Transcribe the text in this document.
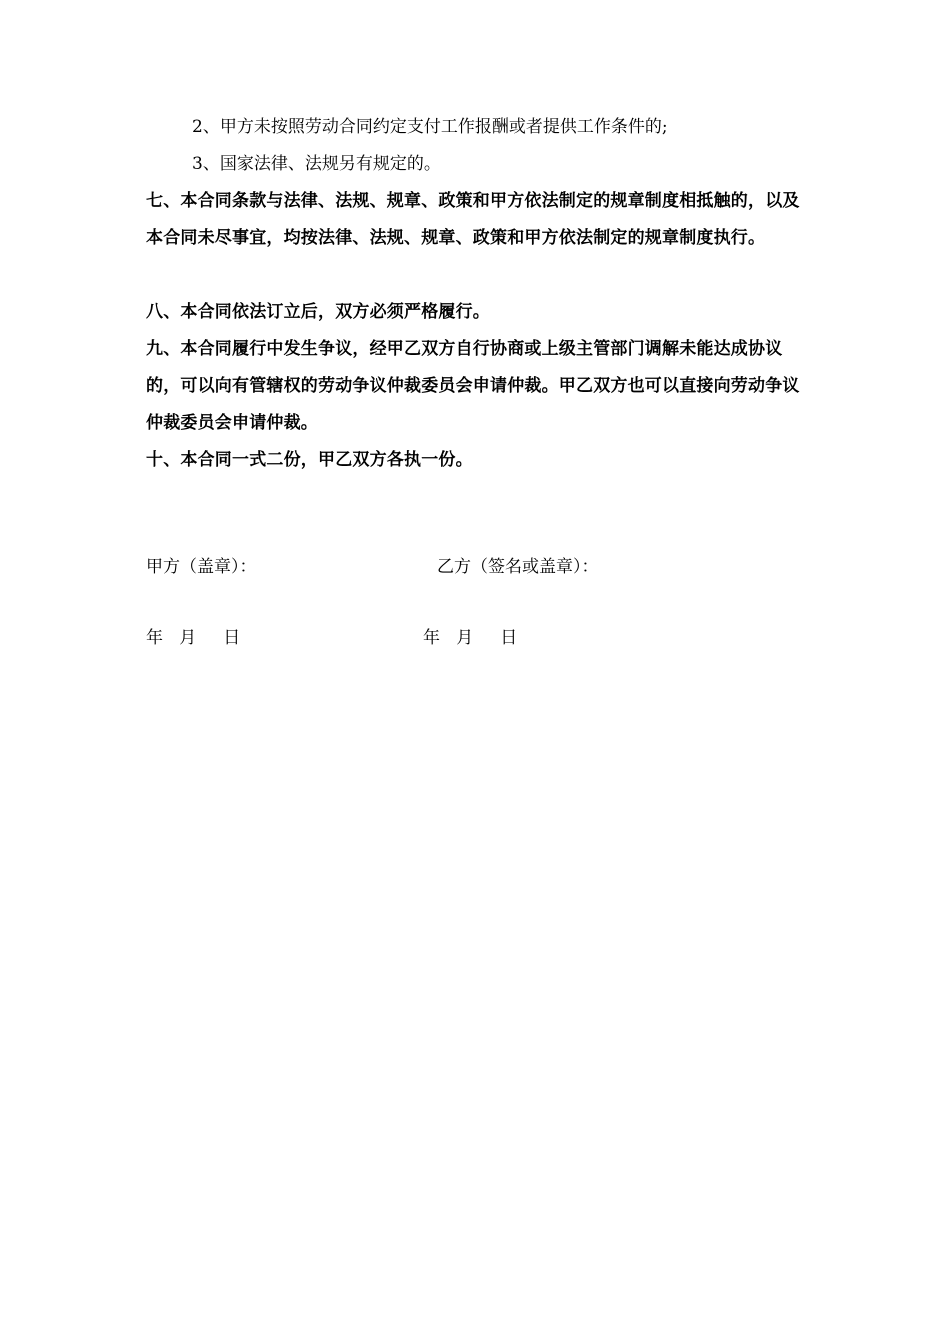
2、甲方未按照劳动合同约定支付工作报酬或者提供工作条件的;

3、国家法律、法规另有规定的。

七、本合同条款与法律、法规、规章、政策和甲方依法制定的规章制度相抵触的，以及本合同未尽事宜，均按法律、法规、规章、政策和甲方依法制定的规章制度执行。

八、本合同依法订立后，双方必须严格履行。

九、本合同履行中发生争议，经甲乙双方自行协商或上级主管部门调解未能达成协议的，可以向有管辖权的劳动争议仲裁委员会申请仲裁。甲乙双方也可以直接向劳动争议仲裁委员会申请仲裁。

十、本合同一式二份，甲乙双方各执一份。

甲方（盖章）：	乙方（签名或盖章）：

年   月     日	年   月     日
